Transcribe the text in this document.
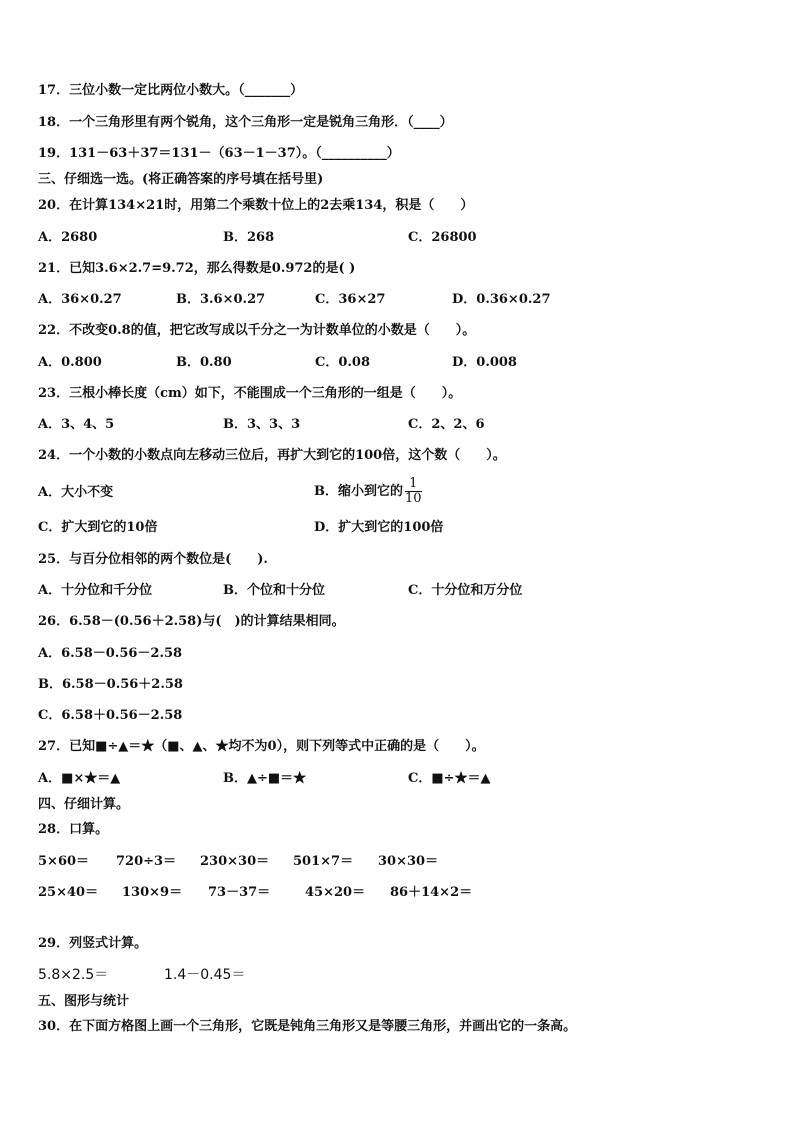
17．三位小数一定比两位小数大。（_______）
18．一个三角形里有两个锐角，这个三角形一定是锐角三角形．（____）
19．131－63＋37＝131－（63－1－37）。（__________）
三、仔细选一选。(将正确答案的序号填在括号里)
20．在计算134×21时，用第二个乘数十位上的2去乘134，积是（　　）
A．2680	B．268	C．26800
21．已知3.6×2.7=9.72，那么得数是0.972的是( )
A．36×0.27	B．3.6×0.27	C．36×27	D．0.36×0.27
22．不改变0.8的值，把它改写成以千分之一为计数单位的小数是（　　）。
A．0.800	B．0.80	C．0.08	D．0.008
23．三根小棒长度（cm）如下，不能围成一个三角形的一组是（　　）。
A．3、4、5	B．3、3、3	C．2、2、6
24．一个小数的小数点向左移动三位后，再扩大到它的100倍，这个数（　　）。
A．大小不变	B．缩小到它的 $\frac{1}{10}$
C．扩大到它的10倍	D．扩大到它的100倍
25．与百分位相邻的两个数位是(　　).
A．十分位和千分位	B．个位和十分位	C．十分位和万分位
26．6.58－(0.56＋2.58)与(　)的计算结果相同。
A．6.58－0.56－2.58
B．6.58－0.56＋2.58
C．6.58＋0.56－2.58
27．已知■÷▲＝★（■、▲、★均不为0），则下列等式中正确的是（　　）。
A．■×★＝▲	B．▲÷■＝★	C．■÷★＝▲
四、仔细计算。
28．口算。
5×60＝ 720÷3＝ 230×30＝ 501×7＝ 30×30＝
25×40＝ 130×9＝ 73－37＝	45×20＝ 86＋14×2＝
29．列竖式计算。
5.8×2.5＝	1.4－0.45＝
五、图形与统计
30．在下面方格图上画一个三角形，它既是钝角三角形又是等腰三角形，并画出它的一条高。
